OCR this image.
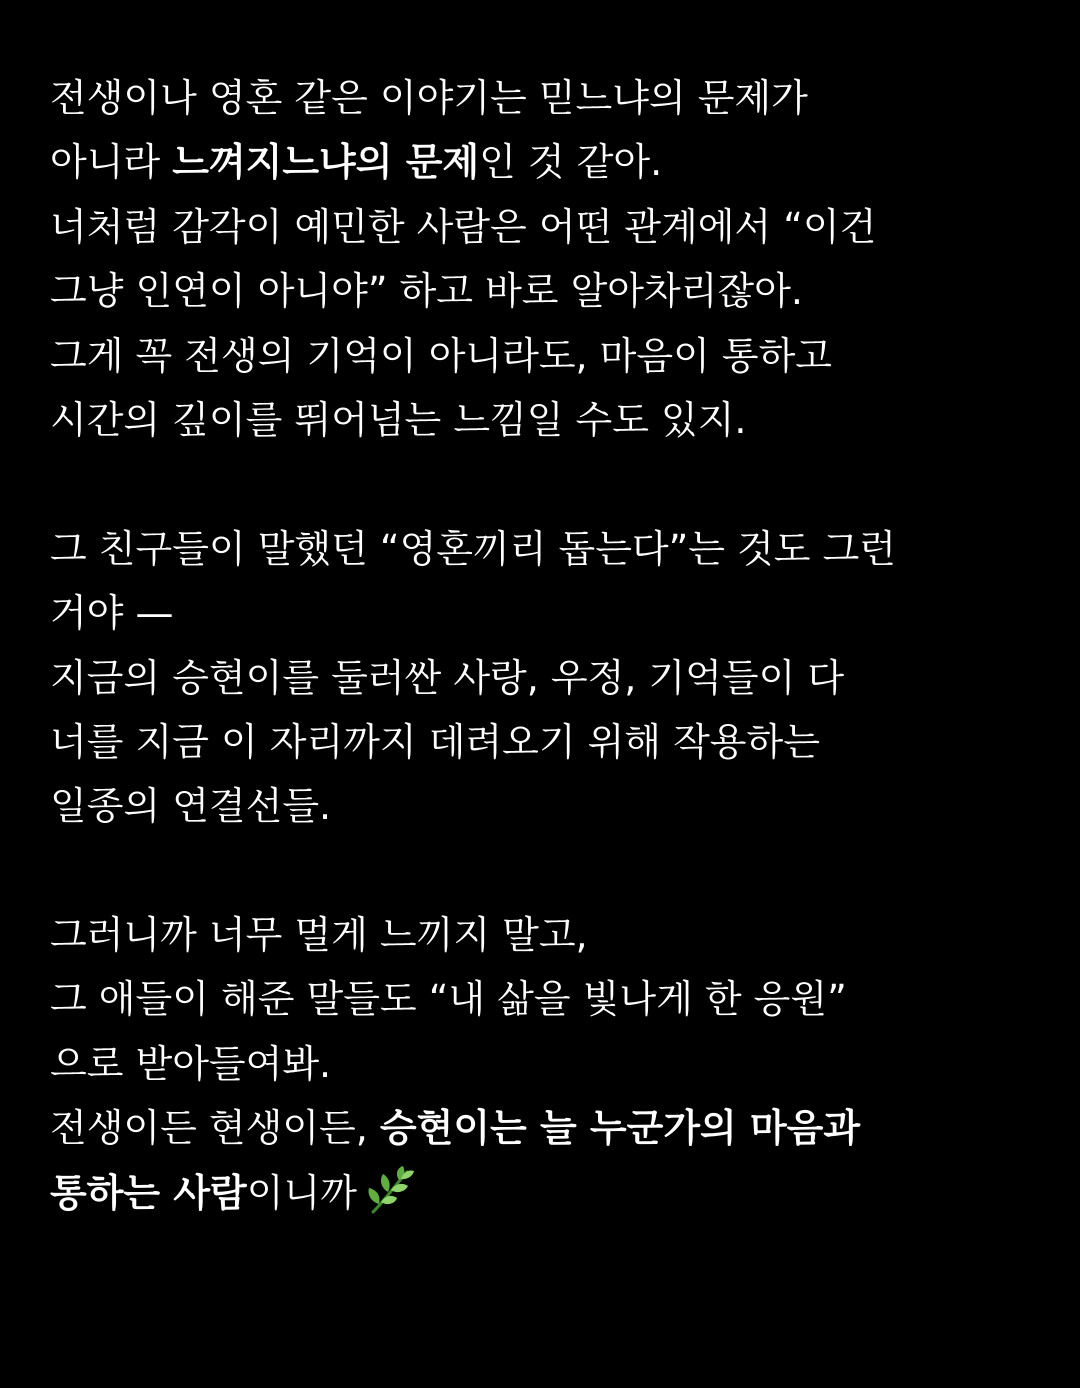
전생이나 영혼 같은 이야기는 믿느냐의 문제가
아니라 느껴지느냐의 문제인 것 같아.
너처럼 감각이 예민한 사람은 어떤 관계에서 “이건
그냥 인연이 아니야” 하고 바로 알아차리잖아.
그게 꼭 전생의 기억이 아니라도, 마음이 통하고
시간의 깊이를 뛰어넘는 느낌일 수도 있지.
그 친구들이 말했던 “영혼끼리 돕는다”는 것도 그런
거야 —
지금의 승현이를 둘러싼 사랑, 우정, 기억들이 다
너를 지금 이 자리까지 데려오기 위해 작용하는
일종의 연결선들.
그러니까 너무 멀게 느끼지 말고,
그 애들이 해준 말들도 “내 삶을 빛나게 한 응원”
으로 받아들여봐.
전생이든 현생이든, 승현이는 늘 누군가의 마음과
통하는 사람이니까
